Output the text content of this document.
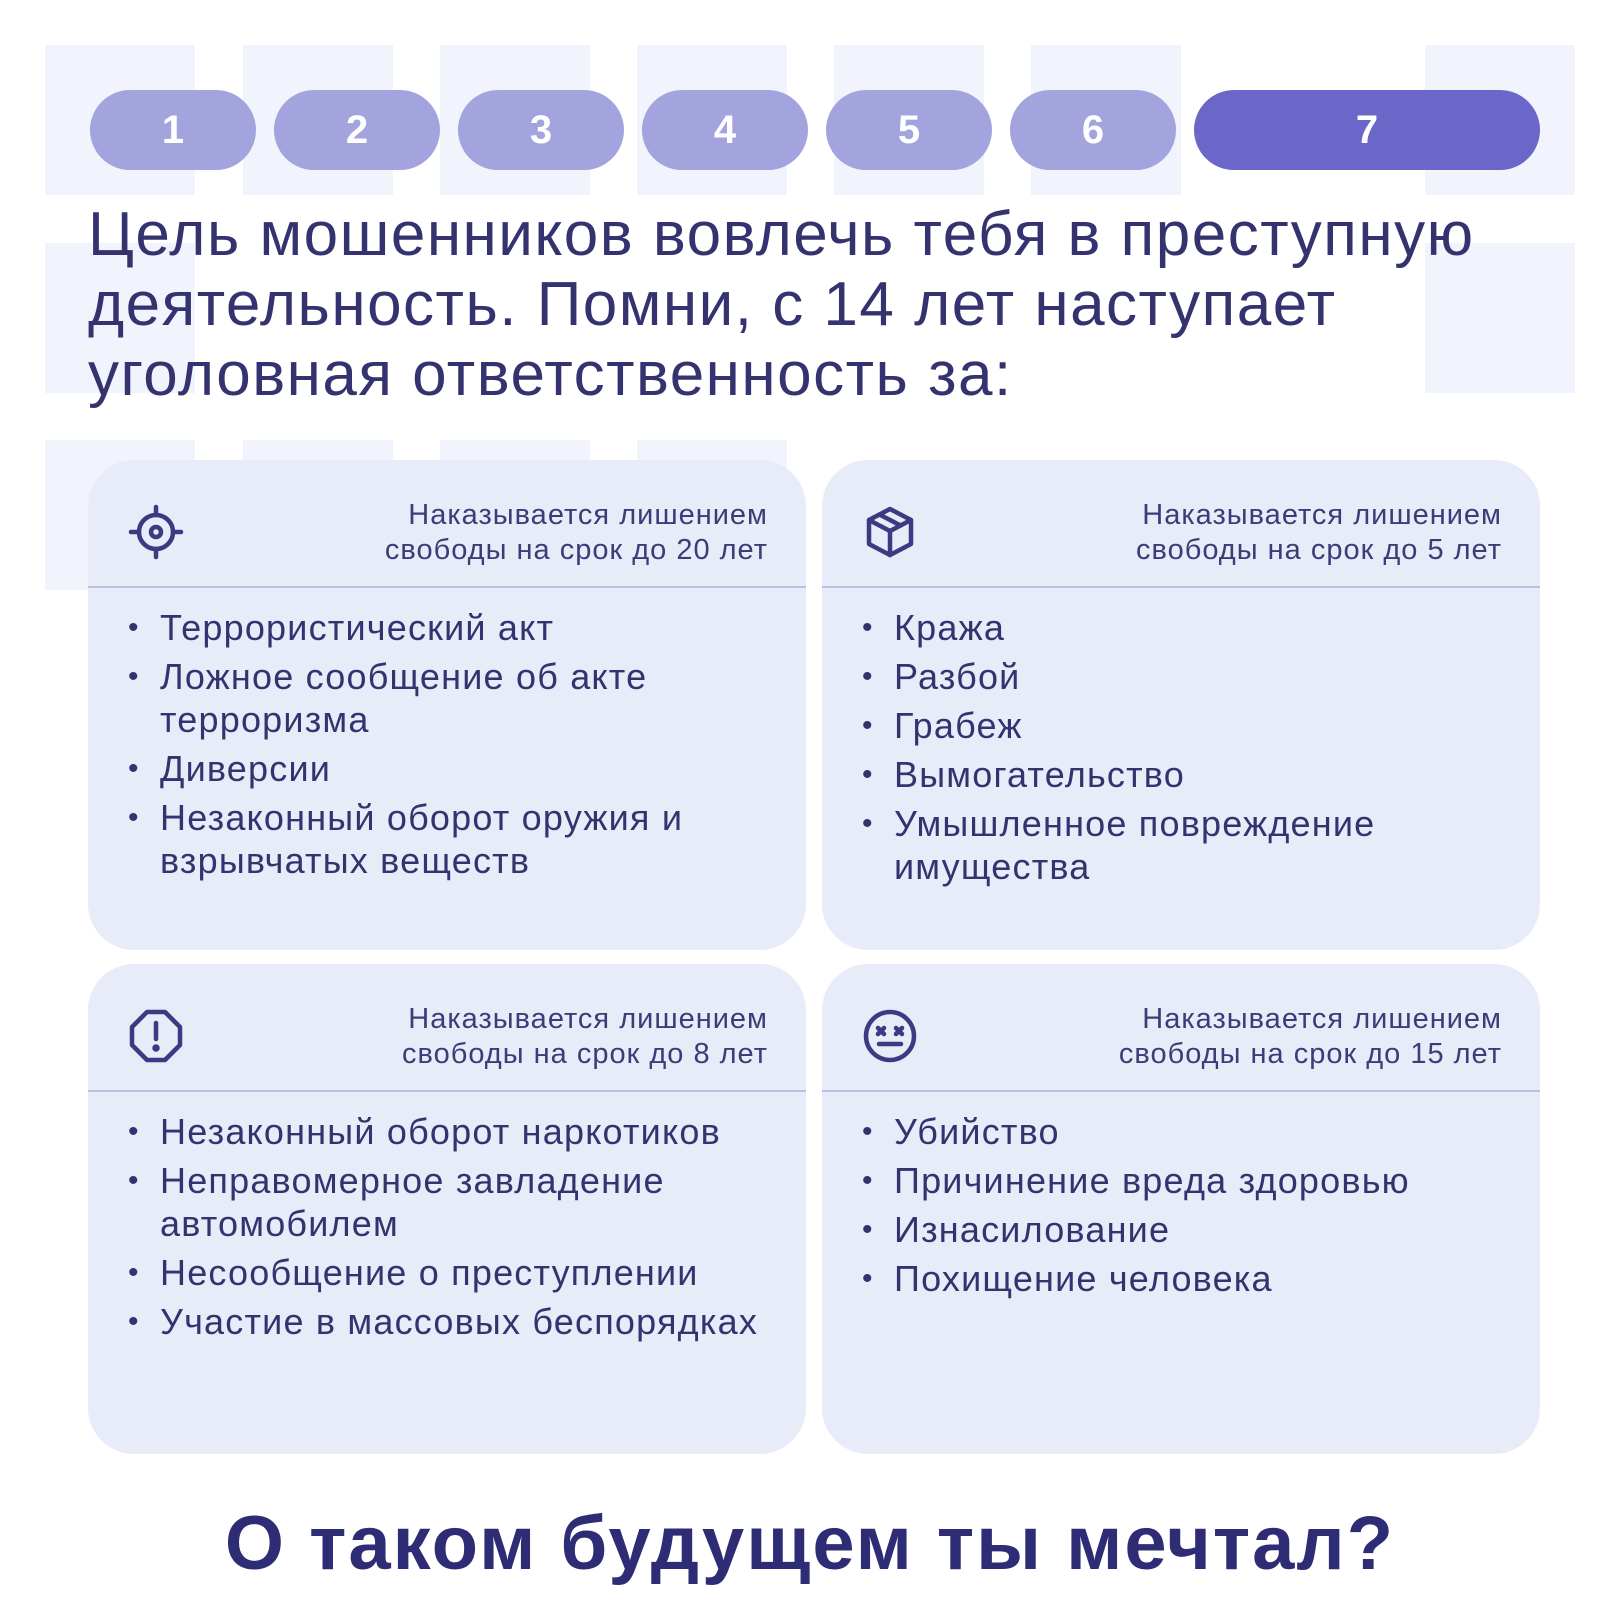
1	2	3	4	5	6	7
Цель мошенников вовлечь тебя в преступную деятельность. Помни, с 14 лет наступает уголовная ответственность за:
Наказывается лишением
свободы на срок до 20 лет
• Террористический акт
• Ложное сообщение об акте терроризма
• Диверсии
• Незаконный оборот оружия и взрывчатых веществ
Наказывается лишением
свободы на срок до 5 лет
• Кража
• Разбой
• Грабеж
• Вымогательство
• Умышленное повреждение имущества
Наказывается лишением
свободы на срок до 8 лет
• Незаконный оборот наркотиков
• Неправомерное завладение автомобилем
• Несообщение о преступлении
• Участие в массовых беспорядках
Наказывается лишением
свободы на срок до 15 лет
• Убийство
• Причинение вреда здоровью
• Изнасилование
• Похищение человека
О таком будущем ты мечтал?
